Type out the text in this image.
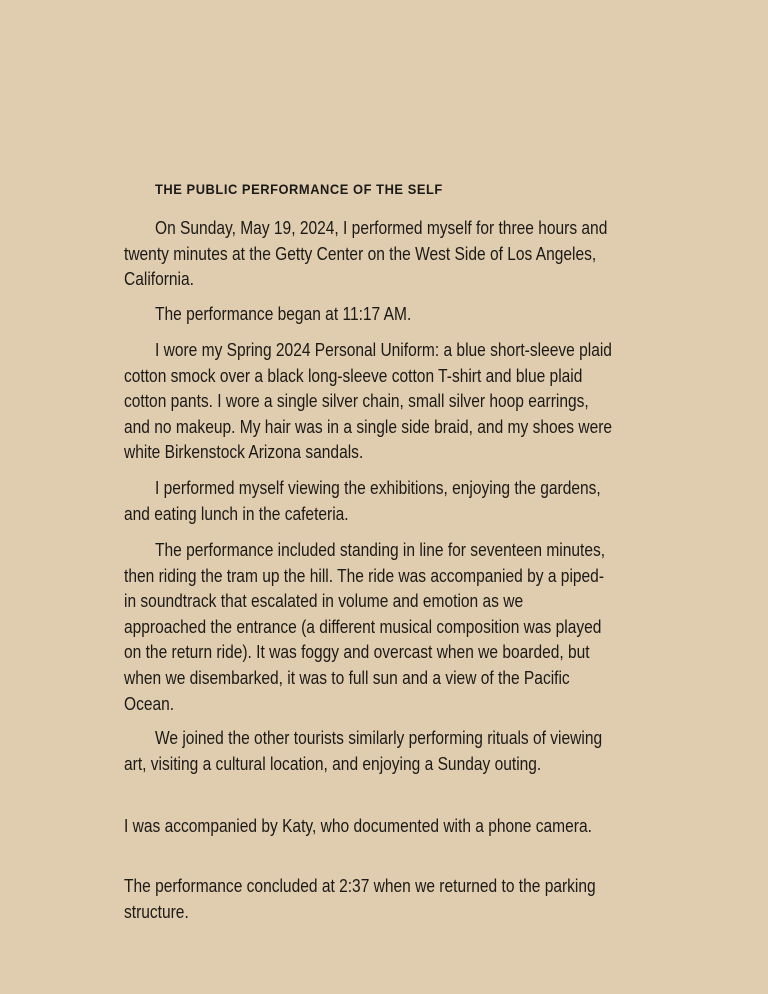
THE PUBLIC PERFORMANCE OF THE SELF
On Sunday, May 19, 2024, I performed myself for three hours and
twenty minutes at the Getty Center on the West Side of Los Angeles,
California.
The performance began at 11:17 AM.
I wore my Spring 2024 Personal Uniform: a blue short-sleeve plaid
cotton smock over a black long-sleeve cotton T-shirt and blue plaid
cotton pants. I wore a single silver chain, small silver hoop earrings,
and no makeup. My hair was in a single side braid, and my shoes were
white Birkenstock Arizona sandals.
I performed myself viewing the exhibitions, enjoying the gardens,
and eating lunch in the cafeteria.
The performance included standing in line for seventeen minutes,
then riding the tram up the hill. The ride was accompanied by a piped-
in soundtrack that escalated in volume and emotion as we
approached the entrance (a different musical composition was played
on the return ride). It was foggy and overcast when we boarded, but
when we disembarked, it was to full sun and a view of the Pacific
Ocean.
We joined the other tourists similarly performing rituals of viewing
art, visiting a cultural location, and enjoying a Sunday outing.
I was accompanied by Katy, who documented with a phone camera.
The performance concluded at 2:37 when we returned to the parking
structure.
